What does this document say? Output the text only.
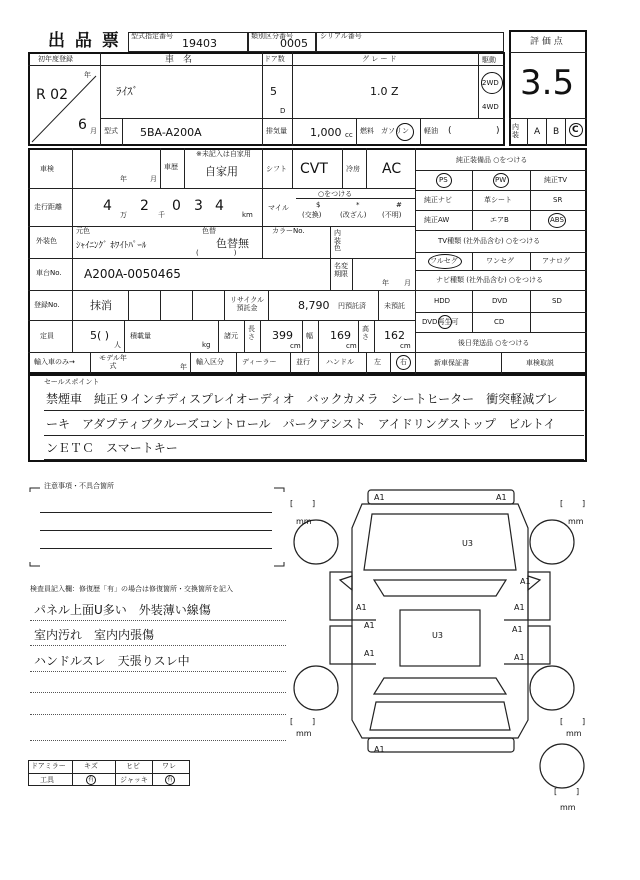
出 品 票 型式指定番号
19403
類別区分番号
0005
シリアル番号
評 価 点
3.5
内装	A B C
初年度登録
年
R 02
6 月
車　名
ﾗｲｽﾞ
ドア数
5
D
グ レ ー ド
1.0 Z
駆動
2WD
4WD
型式 5BA-A200A	排気量 1,000 cc 燃料 ガソリン 軽油 (	)
車検
年	月
車歴
※未記入は自家用
自家用	シフト CVT	冷房 AC
走行距離	4
万
2
千
0 3 4
km
マイル
○をつける
$
(交換)
*
(改ざん)
#
(不明)
外装色
元色
ｼｬｲﾆﾝｸﾞ ﾎﾜｲﾄﾊﾟｰﾙ
色替
色替無
(　　　　　)
カラーNo.	内装色
車台No. A200A-0050465
名変期限
年 月
登録No.	抹消	リサイクル預託金	8,790 円預託済	未預託
定員	5( )
人
積載量
kg
諸元
長さ 399
cm
幅 169
cm
高さ 162
cm
輸入車のみ→	モデル年式	年
輸入区分	ディーラー	並行 ハンドル	左	右
純正装備品 ○をつける
PS	PW	純正TV
純正ナビ	革シート	SR
純正AW	エアB	ABS
TV種類 (社外品含む) ○をつける
フルセグ	ワンセグ	アナログ
ナビ種類 (社外品含む) ○をつける
HDD	DVD	SD
DVD再生可	CD
後日発送品 ○をつける
新車保証書	車検取説
セールスポイント
禁煙車　純正９インチディスプレイオーディオ　バックカメラ　シートヒーター　衝突軽減ブレ
ーキ　アダプティブクルーズコントロール　パークアシスト　アイドリングストップ　ビルトイ
ンＥＴＣ　スマートキー
注意事項・不具合箇所
検査員記入欄：修復歴「有」の場合は修復箇所・交換箇所を記入
パネル上面U多い　外装薄い線傷
室内汚れ　室内内張傷
ハンドルスレ　天張りスレ中
ドアミラー	キズ	ヒビ	ワレ
工具	有	ジャッキ	有
A1	A1
U3
A1
A1	A1
A1	A1
U3
A1	A1
A1
[ ]
mm
[ ]
mm
[ ]
mm
[ ]
mm
[ ]
mm
